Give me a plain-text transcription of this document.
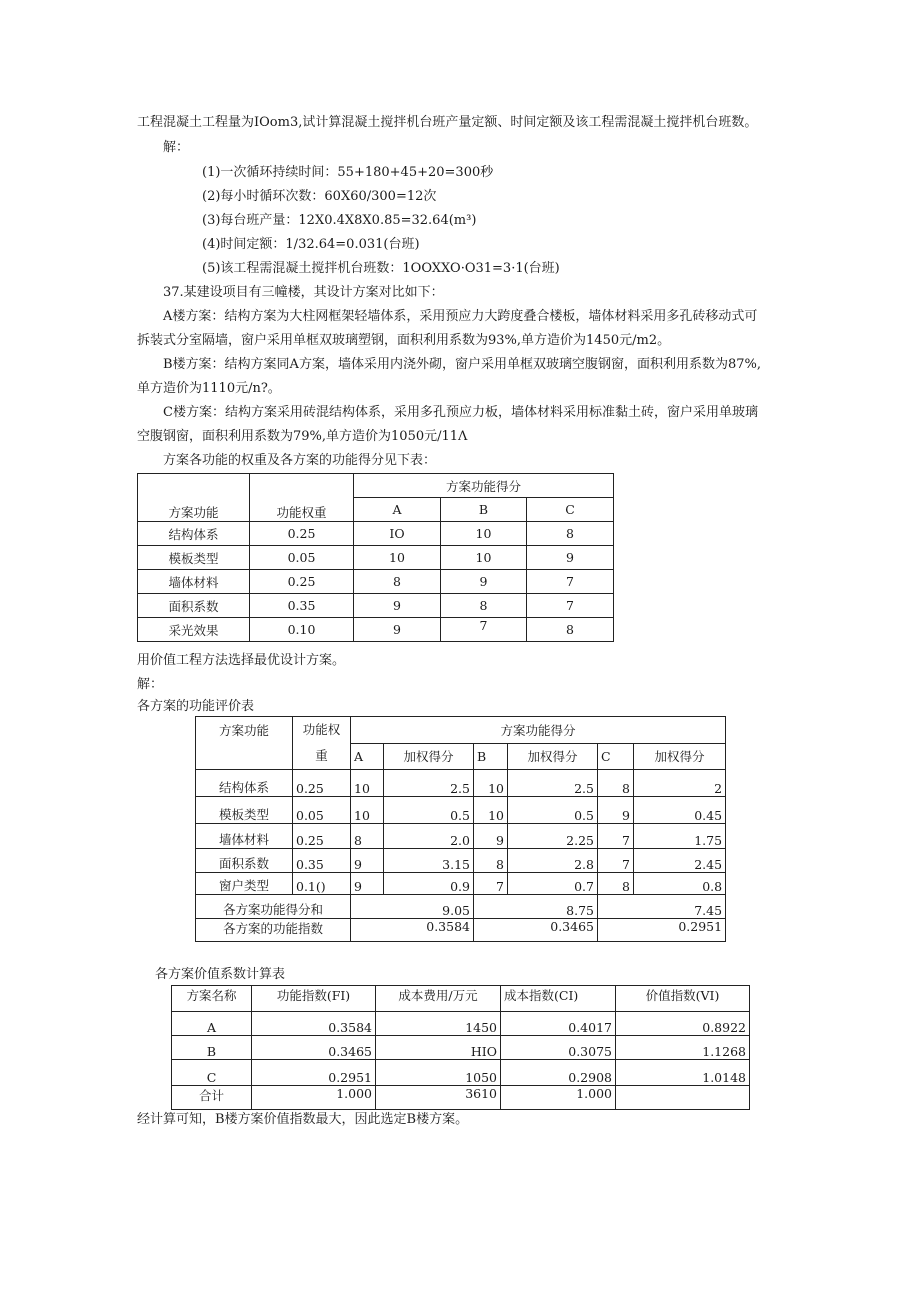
工程混凝土工程量为IOom3,试计算混凝土搅拌机台班产量定额、时间定额及该工程需混凝土搅拌机台班数。
解：
(1)一次循环持续时间：55+180+45+20=300秒
(2)每小时循环次数：60X60/300=12次
(3)每台班产量：12X0.4X8X0.85=32.64(m³)
(4)时间定额：1/32.64=0.031(台班)
(5)该工程需混凝土搅拌机台班数：1OOXXO·O31=3·1(台班)
37.某建设项目有三幢楼，其设计方案对比如下：
A楼方案：结构方案为大柱网框架轻墙体系，采用预应力大跨度叠合楼板，墙体材料采用多孔砖移动式可
拆装式分室隔墙，窗户采用单框双玻璃塑钢，面积利用系数为93%,单方造价为1450元/m2。
B楼方案：结构方案同A方案，墙体采用内浇外砌，窗户采用单框双玻璃空腹钢窗，面积利用系数为87%,
单方造价为1110元/n?。
C楼方案：结构方案采用砖混结构体系，采用多孔预应力板，墙体材料采用标准黏土砖，窗户采用单玻璃
空腹钢窗，面积利用系数为79%,单方造价为1050元∕11Λ
方案各功能的权重及各方案的功能得分见下表：
方案功能	功能权重	方案功能得分		
		A	B	C
结构体系	0.25	IO	10	8
模板类型	0.05	10	10	9
墙体材料	0.25	8	9	7
面积系数	0.35	9	8	7
采光效果	0.10	9	7	8
用价值工程方法选择最优设计方案。
解：
各方案的功能评价表
方案功能	功能权
重	方案功能得分					
		A	加权得分	B	加权得分	C	加权得分
结构体系	0.25	10	2.5	10	2.5	8	2
模板类型	0.05	10	0.5	10	0.5	9	0.45
墙体材料	0.25	8	2.0	9	2.25	7	1.75
面积系数	0.35	9	3.15	8	2.8	7	2.45
窗户类型	0.1()	9	0.9	7	0.7	8	0.8
各方案功能得分和		9.05		8.75		7.45	
各方案的功能指数		0.3584		0.3465		0.2951	
各方案价值系数计算表
方案名称	功能指数(FI)	成本费用/万元	成本指数(CI)	价值指数(VI)
A	0.3584	1450	0.4017	0.8922
B	0.3465	HIO	0.3075	1.1268
C	0.2951	1050	0.2908	1.0148
合计	1.000	3610	1.000	
经计算可知，B楼方案价值指数最大，因此选定B楼方案。
